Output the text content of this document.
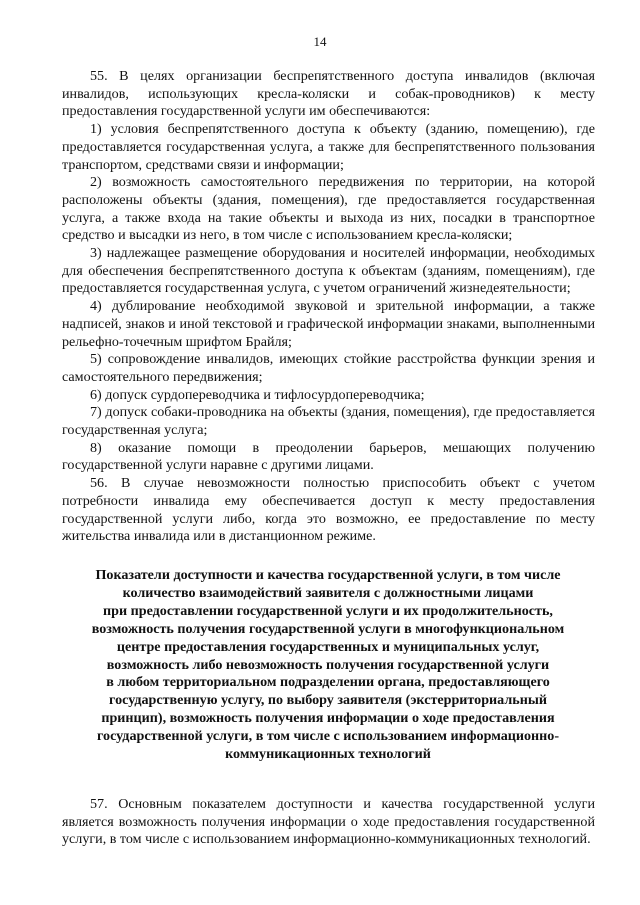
14

55. В целях организации беспрепятственного доступа инвалидов (включая инвалидов, использующих кресла-коляски и собак-проводников) к месту предоставления государственной услуги им обеспечиваются:

1) условия беспрепятственного доступа к объекту (зданию, помещению), где предоставляется государственная услуга, а также для беспрепятственного пользования транспортом, средствами связи и информации;

2) возможность самостоятельного передвижения по территории, на которой расположены объекты (здания, помещения), где предоставляется государственная услуга, а также входа на такие объекты и выхода из них, посадки в транспортное средство и высадки из него, в том числе с использованием кресла-коляски;

3) надлежащее размещение оборудования и носителей информации, необходимых для обеспечения беспрепятственного доступа к объектам (зданиям, помещениям), где предоставляется государственная услуга, с учетом ограничений жизнедеятельности;

4) дублирование необходимой звуковой и зрительной информации, а также надписей, знаков и иной текстовой и графической информации знаками, выполненными рельефно-точечным шрифтом Брайля;

5) сопровождение инвалидов, имеющих стойкие расстройства функции зрения и самостоятельного передвижения;

6) допуск сурдопереводчика и тифлосурдопереводчика;

7) допуск собаки-проводника на объекты (здания, помещения), где предоставляется государственная услуга;

8) оказание помощи в преодолении барьеров, мешающих получению государственной услуги наравне с другими лицами.

56. В случае невозможности полностью приспособить объект с учетом потребности инвалида ему обеспечивается доступ к месту предоставления государственной услуги либо, когда это возможно, ее предоставление по месту жительства инвалида или в дистанционном режиме.

Показатели доступности и качества государственной услуги, в том числе
количество взаимодействий заявителя с должностными лицами
при предоставлении государственной услуги и их продолжительность,
возможность получения государственной услуги в многофункциональном
центре предоставления государственных и муниципальных услуг,
возможность либо невозможность получения государственной услуги
в любом территориальном подразделении органа, предоставляющего
государственную услугу, по выбору заявителя (экстерриториальный
принцип), возможность получения информации о ходе предоставления
государственной услуги, в том числе с использованием информационно-
коммуникационных технологий

57. Основным показателем доступности и качества государственной услуги является возможность получения информации о ходе предоставления государственной услуги, в том числе с использованием информационно-коммуникационных технологий.
